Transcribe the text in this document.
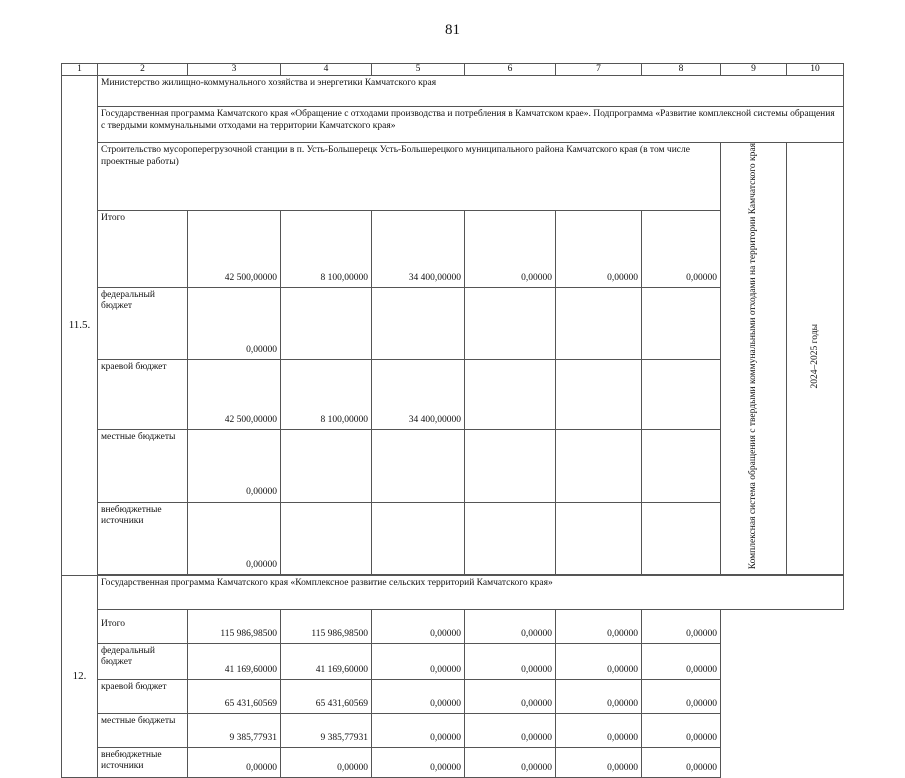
81
1	2	3	4	5	6	7	8	9	10
11.5.	Министерство жилищно-коммунального хозяйства и энергетики Камчатского края								
	Государственная программа Камчатского края «Обращение с отходами производства и потребления в Камчатском крае». Подпрограмма «Развитие комплексной системы обращения с твердыми коммунальными отходами на территории Камчатского края»								
	Строительство мусороперегрузочной станции в п. Усть-Большерецк Усть-Большерецкого муниципального района Камчатского края (в том числе проектные работы)							Комплексная система обращения с твердыми коммунальными отходами на территории Камчатского края	2024–2025 годы
	Итого	42 500,00000	8 100,00000	34 400,00000	0,00000	0,00000	0,00000		
	федеральный бюджет	0,00000							
	краевой бюджет	42 500,00000	8 100,00000	34 400,00000					
	местные бюджеты	0,00000							
	внебюджетные источники	0,00000							

12.	Государственная программа Камчатского края «Комплексное развитие сельских территорий Камчатского края»								
	Итого	115 986,98500	115 986,98500	0,00000	0,00000	0,00000	0,00000		
	федеральный бюджет	41 169,60000	41 169,60000	0,00000	0,00000	0,00000	0,00000		
	краевой бюджет	65 431,60569	65 431,60569	0,00000	0,00000	0,00000	0,00000		
	местные бюджеты	9 385,77931	9 385,77931	0,00000	0,00000	0,00000	0,00000		
	внебюджетные источники	0,00000	0,00000	0,00000	0,00000	0,00000	0,00000		
